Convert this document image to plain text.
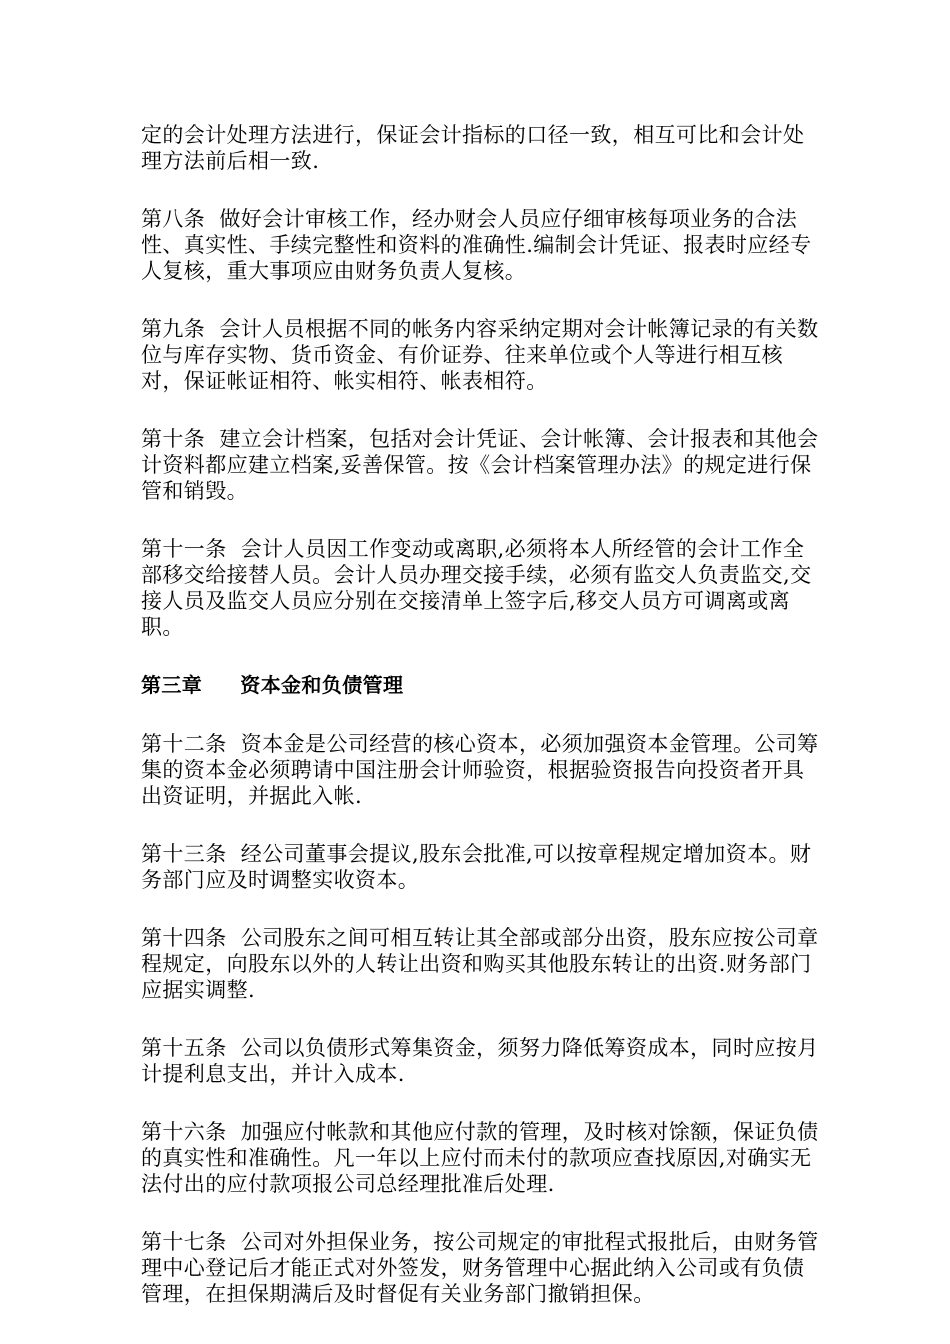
定的会计处理方法进行，保证会计指标的口径一致，相互可比和会计处理方法前后相一致.

第八条  做好会计审核工作，经办财会人员应仔细审核每项业务的合法性、真实性、手续完整性和资料的准确性.编制会计凭证、报表时应经专人复核，重大事项应由财务负责人复核。

第九条  会计人员根据不同的帐务内容采纳定期对会计帐簿记录的有关数位与库存实物、货币资金、有价证券、往来单位或个人等进行相互核对，保证帐证相符、帐实相符、帐表相符。

第十条  建立会计档案，包括对会计凭证、会计帐簿、会计报表和其他会计资料都应建立档案,妥善保管。按《会计档案管理办法》的规定进行保管和销毁。

第十一条  会计人员因工作变动或离职,必须将本人所经管的会计工作全部移交给接替人员。会计人员办理交接手续，必须有监交人负责监交,交接人员及监交人员应分别在交接清单上签字后,移交人员方可调离或离职。

第三章 资本金和负债管理

第十二条  资本金是公司经营的核心资本，必须加强资本金管理。公司筹集的资本金必须聘请中国注册会计师验资，根据验资报告向投资者开具出资证明，并据此入帐.

第十三条  经公司董事会提议,股东会批准,可以按章程规定增加资本。财务部门应及时调整实收资本。

第十四条  公司股东之间可相互转让其全部或部分出资，股东应按公司章程规定，向股东以外的人转让出资和购买其他股东转让的出资.财务部门应据实调整.

第十五条  公司以负债形式筹集资金，须努力降低筹资成本，同时应按月计提利息支出，并计入成本.

第十六条  加强应付帐款和其他应付款的管理，及时核对馀额，保证负债的真实性和准确性。凡一年以上应付而未付的款项应查找原因,对确实无法付出的应付款项报公司总经理批准后处理.

第十七条  公司对外担保业务，按公司规定的审批程式报批后，由财务管理中心登记后才能正式对外签发，财务管理中心据此纳入公司或有负债管理，在担保期满后及时督促有关业务部门撤销担保。
